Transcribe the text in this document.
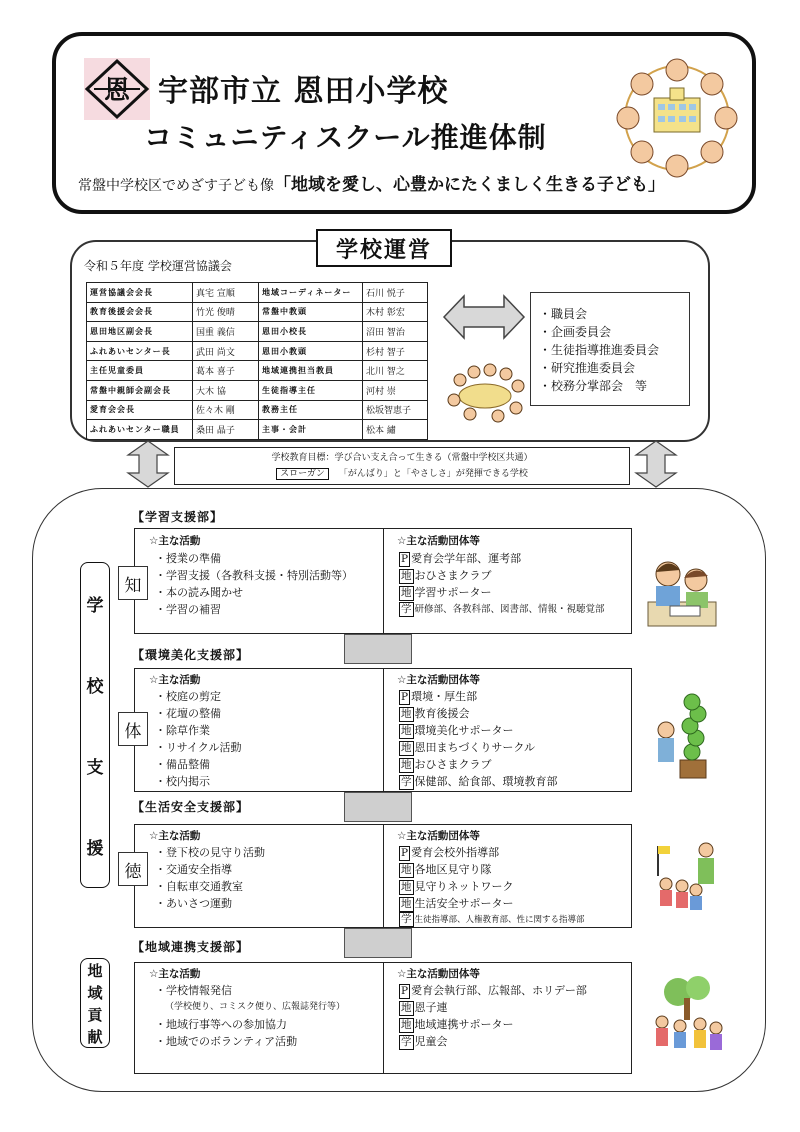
恩 宇部市立 恩田小学校
コミュニティスクール推進体制
常盤中学校区でめざす子ども像「地域を愛し、心豊かにたくましく生きる子ども」
学校運営
令和５年度 学校運営協議会
運営協議会会長	真宅 宣順	地域コーディネーター	石川 悦子
教育後援会会長	竹光 俊晴	常盤中教頭	木村 彰宏
恩田地区副会長	国重 義信	恩田小校長	沼田 智治
ふれあいセンター長	武田 尚文	恩田小教頭	杉村 智子
主任児童委員	葛本 喜子	地域連携担当教員	北川 智之
常盤中親師会副会長	大木 協	生徒指導主任	河村 崇
愛育会会長	佐々木 剛	教務主任	松坂智恵子
ふれあいセンター職員	桑田 晶子	主事・会計	松本 繡
・職員会
・企画委員会
・生徒指導推進委員会
・研究推進委員会
・校務分掌部会　等
学校教育目標：学び合い支え合って生きる（常盤中学校区共通）
スローガン 「がんばり」と「やさしさ」が発揮できる学校
学
校
支
援
地
域
貢
献
【学習支援部】
☆主な活動
・授業の準備
・学習支援（各教科支援・特別活動等）
・本の読み聞かせ
・学習の補習
☆主な活動団体等
P 愛育会学年部、運考部
地 おひさまクラブ
地 学習サポーター
学 研修部、各教科部、図書部、情報・視聴覚部
知
【環境美化支援部】
☆主な活動
・校庭の剪定
・花壇の整備
・除草作業
・リサイクル活動
・備品整備
・校内掲示
☆主な活動団体等
P 環境・厚生部
地 教育後援会
地 環境美化サポーター
地 恩田まちづくりサークル
地 おひさまクラブ
学 保健部、給食部、環境教育部
体
【生活安全支援部】
☆主な活動
・登下校の見守り活動
・交通安全指導
・自転車交通教室
・あいさつ運動
☆主な活動団体等
P 愛育会校外指導部
地 各地区見守り隊
地 見守りネットワーク
地 生活安全サポーター
学 生徒指導部、人権教育部、性に関する指導部
徳
【地域連携支援部】
☆主な活動
・学校情報発信
（学校便り、コミスク便り、広報誌発行等）
・地域行事等への参加協力
・地域でのボランティア活動
☆主な活動団体等
P 愛育会執行部、広報部、ホリデー部
地 恩子連
地 地域連携サポーター
学 児童会
